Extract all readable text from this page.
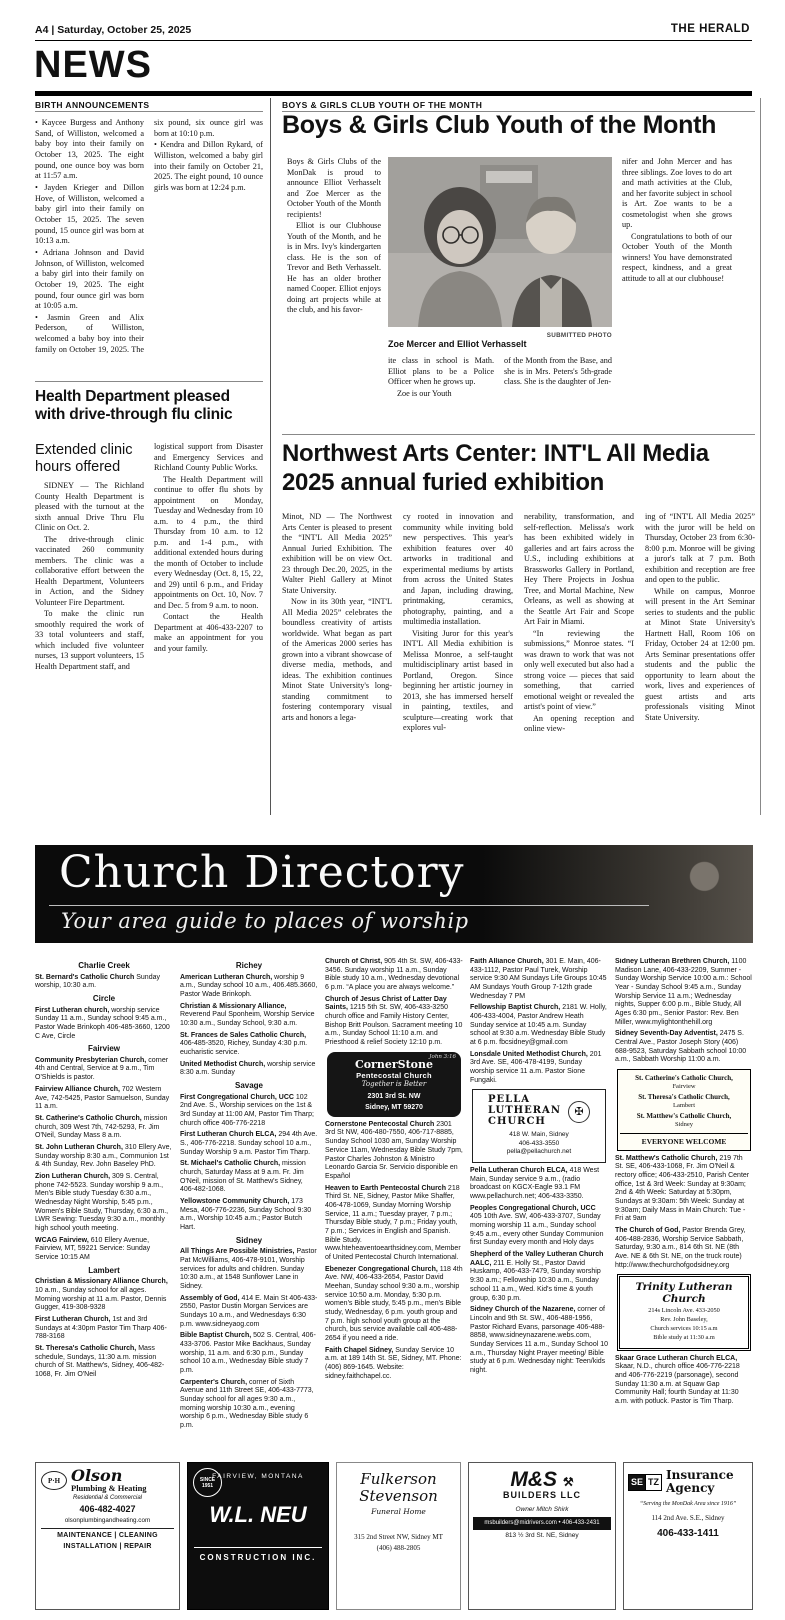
A4 | Saturday, October 25, 2025	THE HERALD
NEWS
BIRTH ANNOUNCEMENTS	BOYS & GIRLS CLUB YOUTH OF THE MONTH
• Kaycee Burgess and Anthony Sand, of Williston, welcomed a baby boy into their family on October 13, 2025. The eight pound, one ounce boy was born at 11:57 a.m.
• Jayden Krieger and Dillon Hove, of Williston, welcomed a baby girl into their family on October 15, 2025. The seven pound, 15 ounce girl was born at 10:13 a.m.
• Adriana Johnson and David Johnson, of Williston, welcomed a baby girl into their family on October 19, 2025. The eight pound, four ounce girl was born at 10:05 a.m.
• Jasmin Green and Alix Pederson, of Williston, welcomed a baby boy into their family on October 19, 2025. The six pound, six ounce girl was born at 10:10 p.m.
• Kendra and Dillon Rykard, of Williston, welcomed a baby girl into their family on October 21, 2025. The eight pound, 10 ounce girls was born at 12:24 p.m.
Boys & Girls Club Youth of the Month
Boys & Girls Clubs of the MonDak is proud to announce Elliot Verhasselt and Zoe Mercer as the October Youth of the Month recipients!
Elliot is our Clubhouse Youth of the Month, and he is in Mrs. Ivy's kindergarten class. He is the son of Trevor and Beth Verhasselt. He has an older brother named Cooper. Elliot enjoys doing art projects while at the club, and his favor-
SUBMITTED PHOTO
Zoe Mercer and Elliot Verhasselt
ite class in school is Math. Elliot plans to be a Police Officer when he grows up.
Zoe is our Youth
of the Month from the Base, and she is in Mrs. Peters's 5th-grade class. She is the daughter of Jen-
nifer and John Mercer and has three siblings. Zoe loves to do art and math activities at the Club, and her favorite subject in school is Art. Zoe wants to be a cosmetologist when she grows up.
Congratulations to both of our October Youth of the Month winners! You have demonstrated respect, kindness, and a great attitude to all at our clubhouse!
Health Department pleased with drive-through flu clinic
Extended clinic hours offered
SIDNEY — The Richland County Health Department is pleased with the turnout at the sixth annual Drive Thru Flu Clinic on Oct. 2.
The drive-through clinic vaccinated 260 community members. The clinic was a collaborative effort between the Health Department, Volunteers in Action, and the Sidney Volunteer Fire Department.
To make the clinic run smoothly required the work of 33 total volunteers and staff, which included five volunteer nurses, 13 support volunteers, 15 Health Department staff, and
logistical support from Disaster and Emergency Services and Richland County Public Works.
The Health Department will continue to offer flu shots by appointment on Monday, Tuesday and Wednesday from 10 a.m. to 4 p.m., the third Thursday from 10 a.m. to 12 p.m. and 1-4 p.m., with additional extended hours during the month of October to include every Wednesday (Oct. 8, 15, 22, and 29) until 6 p.m., and Friday appointments on Oct. 10, Nov. 7 and Dec. 5 from 9 a.m. to noon.
Contact the Health Department at 406-433-2207 to make an appointment for you and your family.
Northwest Arts Center: INT'L All Media 2025 annual furied exhibition
Minot, ND — The Northwest Arts Center is pleased to present the “INT'L All Media 2025” Annual Juried Exhibition. The exhibition will be on view Oct. 23 through Dec.20, 2025, in the Walter Piehl Gallery at Minot State University.
Now in its 30th year, “INT'L All Media 2025” celebrates the boundless creativity of artists worldwide. What began as part of the Americas 2000 series has grown into a vibrant showcase of diverse media, methods, and ideas. The exhibition continues Minot State University's long-standing commitment to fostering contemporary visual arts and honors a lega-
cy rooted in innovation and community while inviting bold new perspectives. This year's exhibition features over 40 artworks in traditional and experimental mediums by artists from across the United States and Japan, including drawing, printmaking, ceramics, photography, painting, and a multimedia installation.
Visiting Juror for this year's INT'L All Media exhibition is Melissa Monroe, a self-taught multidisciplinary artist based in Portland, Oregon. Since beginning her artistic journey in 2013, she has immersed herself in painting, textiles, and sculpture—creating work that explores vul-
nerability, transformation, and self-reflection. Melissa's work has been exhibited widely in galleries and art fairs across the U.S., including exhibitions at Brassworks Gallery in Portland, Hey There Projects in Joshua Tree, and Mortal Machine, New Orleans, as well as showing at the Seattle Art Fair and Scope Art Fair in Miami.
“In reviewing the submissions,” Monroe states. “I was drawn to work that was not only well executed but also had a strong voice — pieces that said something, that carried emotional weight or revealed the artist's point of view.”
An opening reception and online view-
ing of “INT'L All Media 2025” with the juror will be held on Thursday, October 23 from 6:30-8:00 p.m. Monroe will be giving a juror's talk at 7 p.m. Both exhibition and reception are free and open to the public.
While on campus, Monroe will present in the Art Seminar series to students and the public at Minot State University's Hartnett Hall, Room 106 on Friday, October 24 at 12:00 pm. Arts Seminar presentations offer students and the public the opportunity to learn about the work, lives and experiences of guest artists and arts professionals visiting Minot State University.
Church Directory
Your area guide to places of worship
Charlie Creek
St. Bernard's Catholic Church Sunday worship, 10:30 a.m.
Circle
First Lutheran church, worship service Sunday 11 a.m., Sunday school 9:45 a.m., Pastor Wade Brinkoph 406-485-3660, 1200 C Ave, Circle
Fairview
Community Presbyterian Church, corner 4th and Central, Service at 9 a.m., Tim O'Shields is pastor.
Fairview Alliance Church, 702 Western Ave, 742-5425, Pastor Samuelson, Sunday 11 a.m.
St. Catherine's Catholic Church, mission church, 309 West 7th, 742-5293, Fr. Jim O'Neil, Sunday Mass 8 a.m.
St. John Lutheran Church, 310 Ellery Ave, Sunday worship 8:30 a.m., Communion 1st & 4th Sunday, Rev. John Baseley PhD.
Zion Lutheran Church, 309 S. Central, phone 742-5523. Sunday worship 9 a.m., Men's Bible study Tuesday 6:30 a.m., Wednesday Night Worship, 5:45 p.m., Women's Bible Study, Thursday, 6:30 a.m., LWR Sewing: Tuesday 9:30 a.m., monthly high school youth meeting.
WCAG Fairview, 610 Ellery Avenue, Fairview, MT, 59221 Service: Sunday Service 10:15 AM
Lambert
Christian & Missionary Alliance Church, 10 a.m., Sunday school for all ages. Morning worship at 11 a.m. Pastor, Dennis Gugger, 419-308-9328
First Lutheran Church, 1st and 3rd Sundays at 4:30pm Pastor Tim Tharp 406-788-3168
St. Theresa's Catholic Church, Mass schedule, Sundays, 11:30 a.m. mission church of St. Matthew's, Sidney, 406-482-1068, Fr. Jim O'Neil
Richey
American Lutheran Church, worship 9 a.m., Sunday school 10 a.m., 406.485.3660, Pastor Wade Brinkoph.
Christian & Missionary Alliance, Reverend Paul Sponheim, Worship Service 10:30 a.m., Sunday School, 9:30 a.m.
St. Frances de Sales Catholic Church, 406-485-3520, Richey, Sunday 4:30 p.m. eucharistic service.
United Methodist Church, worship service 8:30 a.m. Sunday
Savage
First Congregational Church, UCC 102 2nd Ave. S., Worship services on the 1st & 3rd Sunday at 11:00 AM, Pastor Tim Tharp; church office 406-776-2218
First Lutheran Church ELCA, 294 4th Ave. S., 406-776-2218. Sunday school 10 a.m., Sunday Worship 9 a.m. Pastor Tim Tharp.
St. Michael's Catholic Church, mission church, Saturday Mass at 9 a.m. Fr. Jim O'Neil, mission of St. Matthew's Sidney, 406-482-1068.
Yellowstone Community Church, 173 Mesa, 406-776-2236, Sunday School 9:30 a.m., Worship 10:45 a.m.; Pastor Butch Hart.
Sidney
All Things Are Possible Ministries, Pastor Pat McWilliams, 406-478-9101, Worship services for adults and children. Sunday 10:30 a.m., at 1548 Sunflower Lane in Sidney.
Assembly of God, 414 E. Main St 406-433-2550, Pastor Dustin Morgan Services are Sundays 10 a.m., and Wednesdays 6:30 p.m. www.sidneyaog.com
Bible Baptist Church, 502 S. Central, 406-433-3706. Pastor Mike Backhaus, Sunday worship, 11 a.m. and 6:30 p.m., Sunday school 10 a.m., Wednesday Bible study 7 p.m.
Carpenter's Church, corner of Sixth Avenue and 11th Street SE, 406-433-7773, Sunday school for all ages 9:30 a.m., morning worship 10:30 a.m., evening worship 6 p.m., Wednesday Bible study 6 p.m.
Church of Christ, 905 4th St. SW, 406-433-3456. Sunday worship 11 a.m., Sunday Bible study 10 a.m., Wednesday devotional 6 p.m. “A place you are always welcome.”
Church of Jesus Christ of Latter Day Saints, 1215 5th St. SW, 406-433-3250 church office and Family History Center, Bishop Britt Poulson. Sacrament meeting 10 a.m., Sunday School 11:10 a.m. and Priesthood & relief Society 12:10 p.m.
John 3:16
CornerStone
Pentecostal Church
Together is Better
2301 3rd St. NW
Sidney, MT 59270
Cornerstone Pentecostal Church 2301 3rd St NW, 406-480-7550, 406-717-8885, Sunday School 1030 am, Sunday Worship Service 11am, Wednesday Bible Study 7pm, Pastor Charles Johnston & Ministro Leonardo Garcia Sr. Servicio disponible en Español
Heaven to Earth Pentecostal Church 218 Third St. NE, Sidney, Pastor Mike Shaffer, 406-478-1069, Sunday Morning Worship Service, 11 a.m.; Tuesday prayer, 7 p.m.; Thursday Bible study, 7 p.m.; Friday youth, 7 p.m.; Services in English and Spanish. Bible Study. www.hteheaventoearthsidney.com, Member of United Pentecostal Church International.
Ebenezer Congregational Church, 118 4th Ave. NW, 406-433-2654, Pastor David Meehan, Sunday school 9:30 a.m., worship service 10:50 a.m. Monday, 5:30 p.m. women's Bible study, 5:45 p.m., men's Bible study, Wednesday, 6 p.m. youth group and 7 p.m. high school youth group at the church, bus service available call 406-488-2654 if you need a ride.
Faith Chapel Sidney, Sunday Service 10 a.m. at 189 14th St. SE, Sidney, MT. Phone: (406) 869-1645. Website: sidney.faithchapel.cc.
Faith Alliance Church, 301 E. Main, 406-433-1112, Pastor Paul Turek, Worship service 9:30 AM Sundays Life Groups 10:45 AM Sundays Youth Group 7-12th grade Wednesday 7 PM
Fellowship Baptist Church, 2181 W. Holly, 406-433-4004, Pastor Andrew Heath Sunday service at 10:45 a.m. Sunday school at 9:30 a.m. Wednesday Bible Study at 6 p.m. fbcsidney@gmail.com
Lonsdale United Methodist Church, 201 3rd Ave. SE, 406-478-4199, Sunday worship service 11 a.m. Pastor Sione Fungaki.
PELLA
LUTHERAN
CHURCH
✠
418 W. Main, Sidney
406-433-3550
pella@pellachurch.net
Pella Lutheran Church ELCA, 418 West Main, Sunday service 9 a.m., (radio broadcast on KGCX-Eagle 93.1 FM www.pellachurch.net; 406-433-3350.
Peoples Congregational Church, UCC 405 10th Ave. SW, 406-433-3707, Sunday morning worship 11 a.m., Sunday school 9:45 a.m., every other Sunday Communion first Sunday every month and Holy days
Shepherd of the Valley Lutheran Church AALC, 211 E. Holly St., Pastor David Huskamp, 406-433-7479, Sunday worship 9:30 a.m.; Fellowship 10:30 a.m., Sunday school 11 a.m., Wed. Kid's time & youth group, 6:30 p.m.
Sidney Church of the Nazarene, corner of Lincoln and 9th St. SW., 406-488-1956, Pastor Richard Evans, parsonage 406-488-8858, www.sidneynazarene.webs.com, Sunday Services 11 a.m., Sunday School 10 a.m., Thursday Night Prayer meeting/ Bible study at 6 p.m. Wednesday night: Teen/kids night.
Sidney Lutheran Brethren Church, 1100 Madison Lane, 406-433-2209, Summer - Sunday Worship Service 10:00 a.m.: School Year - Sunday School 9:45 a.m., Sunday Worship Service 11 a.m.; Wednesday nights, Supper 6:00 p.m., Bible Study, All Ages 6:30 pm., Senior Pastor: Rev. Ben Miller, www.mylightonthehill.org
Sidney Seventh-Day Adventist, 2475 S. Central Ave., Pastor Joseph Story (406) 688-9523, Saturday Sabbath school 10:00 a.m., Sabbath Worship 11:00 a.m.
St. Catherine's Catholic Church,
Fairview
St. Theresa's Catholic Church,
Lambert
St. Matthew's Catholic Church,
Sidney
EVERYONE WELCOME
St. Matthew's Catholic Church, 219 7th St. SE, 406-433-1068, Fr. Jim O'Neil & rectory office; 406-433-2510, Parish Center office, 1st & 3rd Week: Sunday at 9:30am; 2nd & 4th Week: Saturday at 5:30pm, Sundays at 9:30am: 5th Week: Sunday at 9:30am; Daily Mass in Main Church: Tue - Fri at 9am
The Church of God, Pastor Brenda Grey, 406-488-2836, Worship Service Sabbath, Saturday, 9:30 a.m., 814 6th St. NE (8th Ave. NE & 6th St. NE, on the truck route) http://www.thechurchofgodsidney.org
Trinity Lutheran Church
214s Lincoln Ave. 433-2050
Rev. John Baseley,
Church services 10:15 a.m
Bible study at 11:30 a.m
Skaar Grace Lutheran Church ELCA, Skaar, N.D., church office 406-776-2218 and 406-776-2219 (parsonage), second Sunday 11:30 a.m. at Squaw Gap Community Hall; fourth Sunday at 11:30 a.m. with potluck. Pastor is Tim Tharp.
P·H Olson
Plumbing & Heating
Residential & Commercial
406-482-4027
olsonplumbingandheating.com
MAINTENANCE | CLEANING
INSTALLATION | REPAIR
SINCE 1951
FAIRVIEW, MONTANA
W.L. NEU
CONSTRUCTION INC.
Fulkerson
Stevenson
Funeral Home
315 2nd Street NW, Sidney MT
(406) 488-2805
M&S ⚒
BUILDERS LLC
Owner Mitch Shirk
msbuilders@midrivers.com • 406-433-2431
813 ½ 3rd St. NE, Sidney
SE TZ Insurance Agency
“Serving the MonDak Area since 1916”
114 2nd Ave. S.E., Sidney
406-433-1411
